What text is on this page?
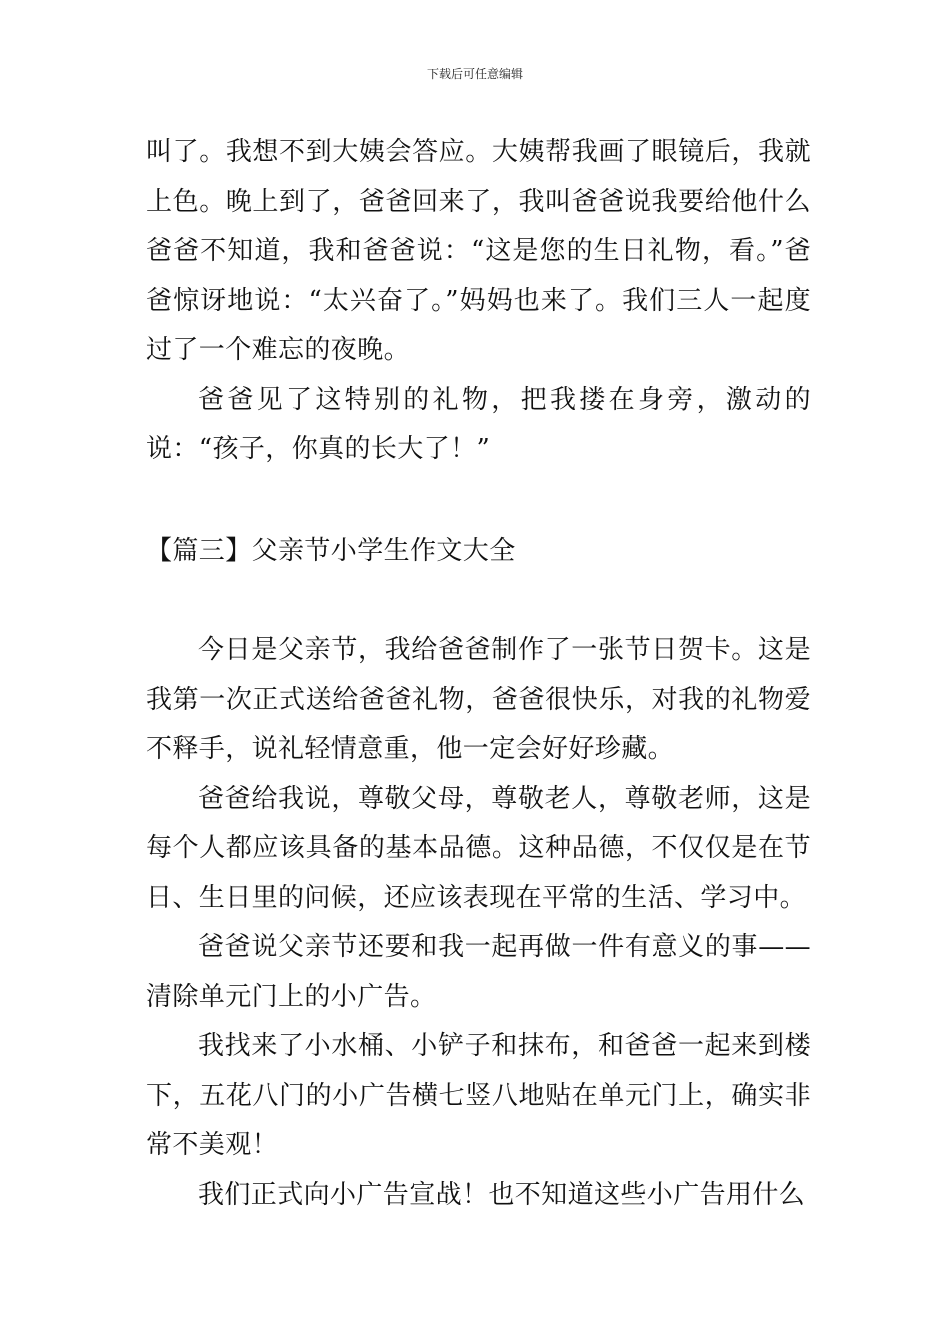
下载后可任意编辑

叫了。我想不到大姨会答应。大姨帮我画了眼镜后，我就上色。晚上到了，爸爸回来了，我叫爸爸说我要给他什么爸爸不知道，我和爸爸说：“这是您的生日礼物，看。”爸爸惊讶地说：“太兴奋了。”妈妈也来了。我们三人一起度过了一个难忘的夜晚。

爸爸见了这特别的礼物，把我搂在身旁，激动的说：“孩子，你真的长大了！”

【篇三】父亲节小学生作文大全

今日是父亲节，我给爸爸制作了一张节日贺卡。这是我第一次正式送给爸爸礼物，爸爸很快乐，对我的礼物爱不释手，说礼轻情意重，他一定会好好珍藏。

爸爸给我说，尊敬父母，尊敬老人，尊敬老师，这是每个人都应该具备的基本品德。这种品德，不仅仅是在节日、生日里的问候，还应该表现在平常的生活、学习中。

爸爸说父亲节还要和我一起再做一件有意义的事——清除单元门上的小广告。

我找来了小水桶、小铲子和抹布，和爸爸一起来到楼下，五花八门的小广告横七竖八地贴在单元门上，确实非常不美观！

我们正式向小广告宣战！也不知道这些小广告用什么
